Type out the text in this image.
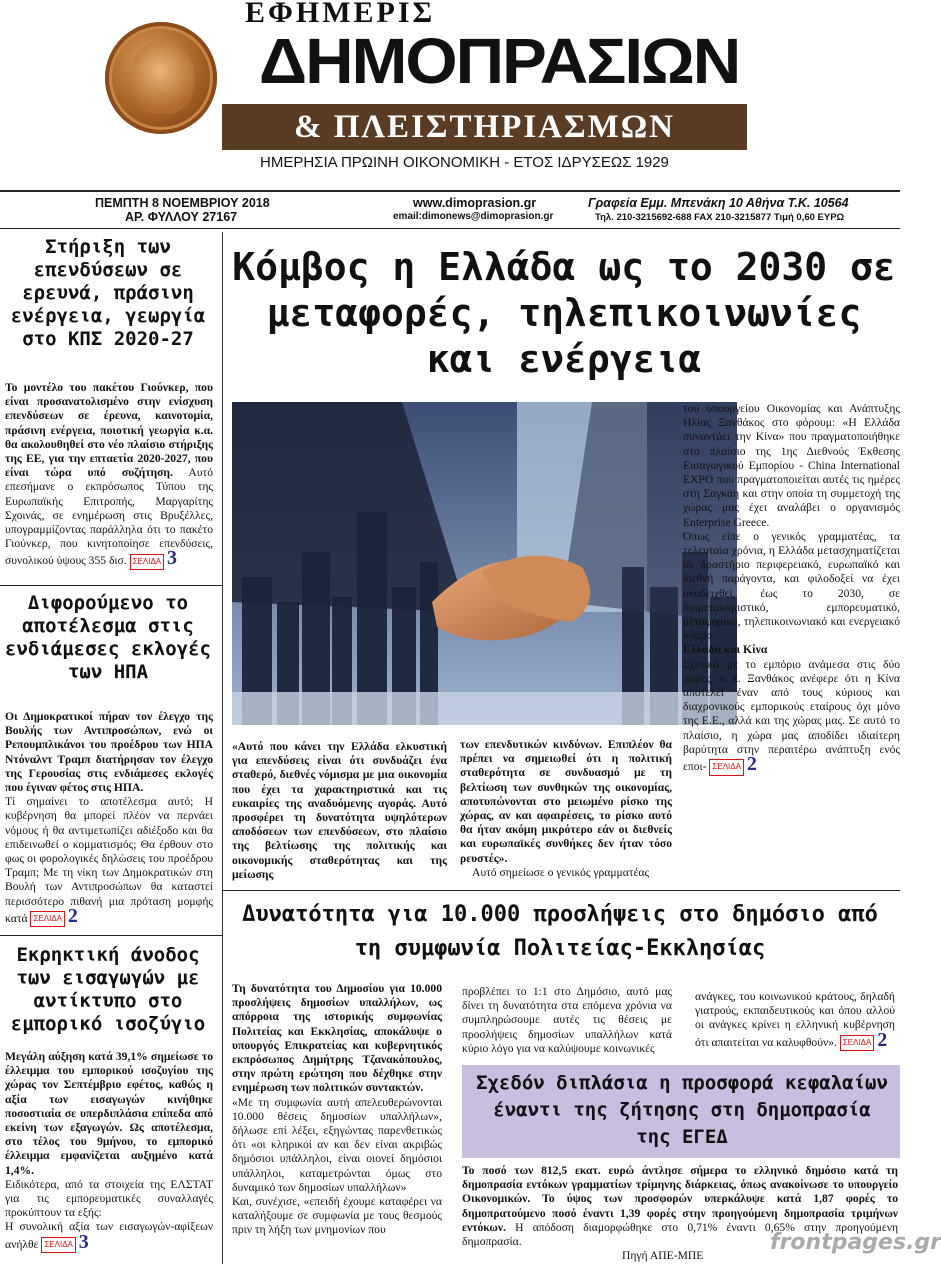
ΕΦΗΜΕΡΙΣ
ΔΗΜΟΠΡΑΣΙΩΝ
& ΠΛΕΙΣΤΗΡΙΑΣΜΩΝ
ΗΜΕΡΗΣΙΑ ΠΡΩΙΝΗ ΟΙΚΟΝΟΜΙΚΗ - ΕΤΟΣ ΙΔΡΥΣΕΩΣ 1929
ΠΕΜΠΤΗ 8 ΝΟΕΜΒΡΙΟΥ 2018
ΑΡ. ΦΥΛΛΟΥ 27167
www.dimoprasion.gr
email:dimonews@dimoprasion.gr
Γραφεία Εμμ. Μπενάκη 10 Αθήνα Τ.Κ. 10564
Τηλ. 210-3215692-688 FAX 210-3215877 Τιμή 0,60 ΕΥΡΩ
Στήριξη των επενδύσεων σε ερευνά, πράσινη ενέργεια, γεωργία στο ΚΠΣ 2020-27
Το μοντέλο του πακέτου Γιούνκερ, που είναι προσανατολισμένο στην ενίσχυση επενδύσεων σε έρευνα, καινοτομία, πράσινη ενέργεια, ποιοτική γεωργία κ.α. θα ακολουθηθεί στο νέο πλαίσιο στήριξης της ΕΕ, για την επταετία 2020-2027, που είναι τώρα υπό συζήτηση. Αυτό επεσήμανε ο εκπρόσωπος Τύπου της Ευρωπαϊκής Επιτροπής, Μαργαρίτης Σχοινάς, σε ενημέρωση στις Βρυξέλλες, υπογραμμίζοντας παράλληλα ότι το πακέτο Γιούνκερ, που κινητοποίησε επενδύσεις, συνολικού ύψους 355 δισ. ΣΕΛΙΔΑ 3
Διφορούμενο το αποτέλεσμα στις ενδιάμεσες εκλογές των ΗΠΑ
Οι Δημοκρατικοί πήραν τον έλεγχο της Βουλής των Αντιπροσώπων, ενώ οι Ρεπουμπλικάνοι του προέδρου των ΗΠΑ Ντόναλντ Τραμπ διατήρησαν τον έλεγχο της Γερουσίας στις ενδιάμεσες εκλογές που έγιναν φέτος στις ΗΠΑ.
Τί σημαίνει το αποτέλεσμα αυτό; Η κυβέρνηση θα μπορεί πλέον να περνάει νόμους ή θα αντιμετωπίζει αδιέξοδο και θα επιδεινωθεί ο κομματισμός; Θα έρθουν στο φως οι φορολογικές δηλώσεις του προέδρου Τραμπ; Με τη νίκη των Δημοκρατικών στη Βουλή των Αντιπροσώπων θα καταστεί περισσότερο πιθανή μια πρόταση μομφής κατά ΣΕΛΙΔΑ 2
Εκρηκτική άνοδος των εισαγωγών με αντίκτυπο στο εμπορικό ισοζύγιο
Μεγάλη αύξηση κατά 39,1% σημείωσε το έλλειμμα του εμπορικού ισοζυγίου της χώρας τον Σεπτέμβριο εφέτος, καθώς η αξία των εισαγωγών κινήθηκε ποσοστιαία σε υπερδιπλάσια επίπεδα από εκείνη των εξαγωγών. Ως αποτέλεσμα, στο τέλος του 9μήνου, το εμπορικό έλλειμμα εμφανίζεται αυξημένο κατά 1,4%.
Ειδικότερα, από τα στοιχεία της ΕΛΣΤΑΤ για τις εμπορευματικές συναλλαγές προκύπτουν τα εξής:
Η συνολική αξία των εισαγωγών-αφίξεων ανήλθε ΣΕΛΙΔΑ 3
Κόμβος η Ελλάδα ως το 2030 σε μεταφορές, τηλεπικοινωνίες και ενέργεια
«Αυτό που κάνει την Ελλάδα ελκυστική για επενδύσεις είναι ότι συνδυάζει ένα σταθερό, διεθνές νόμισμα με μια οικονομία που έχει τα χαρακτηριστικά και τις ευκαιρίες της αναδυόμενης αγοράς. Αυτό προσφέρει τη δυνατότητα υψηλότερων αποδόσεων των επενδύσεων, στο πλαίσιο της βελτίωσης της πολιτικής και οικονομικής σταθερότητας και της μείωσης
των επενδυτικών κινδύνων. Επιπλέον θα πρέπει να σημειωθεί ότι η πολιτική σταθερότητα σε συνδυασμό με τη βελτίωση των συνθηκών της οικονομίας, αποτυπώνονται στο μειωμένο ρίσκο της χώρας, αν και αφαιρέσεις, το ρίσκο αυτό θα ήταν ακόμη μικρότερο εάν οι διεθνείς και ευρωπαϊκές συνθήκες δεν ήταν τόσο ρευστές».
Αυτό σημείωσε ο γενικός γραμματέας
του υπουργείου Οικονομίας και Ανάπτυξης Ηλίας Ξανθάκος στο φόρουμ: «Η Ελλάδα συναντάει την Κίνα» που πραγματοποιήθηκε στο πλαίσιο της 1ης Διεθνούς Έκθεσης Εισαγωγικού Εμπορίου - China International EXPO που πραγματοποιείται αυτές τις ημέρες στη Σαγκάη και στην οποία τη συμμετοχή της χώρας μας έχει αναλάβει ο οργανισμός Enterprise Greece.
Όπως είπε ο γενικός γραμματέας, τα τελευταία χρόνια, η Ελλάδα μετασχηματίζεται σε δραστήριο περιφερειακό, ευρωπαϊκό και διεθνή παράγοντα, και φιλοδοξεί να έχει αναδειχθεί, έως το 2030, σε διαμετακομιστικό, εμπορευματικό, μεταφορικό, τηλεπικοινωνιακό και ενεργειακό κόμβο.
Ελλάδα και Κίνα
Σχετικά με το εμπόριο ανάμεσα στις δύο χώρες, ο κ. Ξανθάκος ανέφερε ότι η Κίνα αποτελεί έναν από τους κύριους και διαχρονικούς εμπορικούς εταίρους όχι μόνο της Ε.Ε., αλλά και της χώρας μας. Σε αυτό το πλαίσιο, η χώρα μας αποδίδει ιδιαίτερη βαρύτητα στην περαιτέρω ανάπτυξη ενός εποι- ΣΕΛΙΔΑ 2
Δυνατότητα για 10.000 προσλήψεις στο δημόσιο από τη συμφωνία Πολιτείας-Εκκλησίας
Τη δυνατότητα του Δημοσίου για 10.000 προσλήψεις δημοσίων υπαλλήλων, ως απόρροια της ιστορικής συμφωνίας Πολιτείας και Εκκλησίας, αποκάλυψε ο υπουργός Επικρατείας και κυβερνητικός εκπρόσωπος Δημήτρης Τζανακόπουλος, στην πρώτη ερώτηση που δέχθηκε στην ενημέρωση των πολιτικών συντακτών.
«Με τη συμφωνία αυτή απελευθερώνονται 10.000 θέσεις δημοσίων υπαλλήλων», δήλωσε επί λέξει, εξηγώντας παρενθετικώς ότι «οι κληρικοί αν και δεν είναι ακριβώς δημόσιοι υπάλληλοι, είναι οιονεί δημόσιοι υπάλληλοι, καταμετρώνται όμως στο δυναμικό των δημοσίων υπαλλήλων»
Και, συνέχισε, «επειδή έχουμε καταφέρει να καταλήξουμε σε συμφωνία με τους θεσμούς πριν τη λήξη των μνημονίων που
προβλέπει το 1:1 στο Δημόσιο, αυτό μας δίνει τη δυνατότητα στα επόμενα χρόνια να συμπληρώσουμε αυτές τις θέσεις με προσλήψεις δημοσίων υπαλλήλων κατά κύριο λόγο για να καλύψουμε κοινωνικές
ανάγκες, του κοινωνικού κράτους, δηλαδή γιατρούς, εκπαιδευτικούς και όπου αλλού οι ανάγκες κρίνει η ελληνική κυβέρνηση ότι απαιτείται να καλυφθούν». ΣΕΛΙΔΑ 2
Σχεδόν διπλάσια η προσφορά κεφαλαίων έναντι της ζήτησης στη δημοπρασία της ΕΓΕΔ
Το ποσό των 812,5 εκατ. ευρώ άντλησε σήμερα το ελληνικό δημόσιο κατά τη δημοπρασία εντόκων γραμματίων τρίμηνης διάρκειας, όπως ανακοίνωσε το υπουργείο Οικονομικών. Το ύψος των προσφορών υπερκάλυψε κατά 1,87 φορές το δημοπρατούμενο ποσό έναντι 1,39 φορές στην προηγούμενη δημοπρασία τριμήνων εντόκων. Η απόδοση διαμορφώθηκε στο 0,71% έναντι 0,65% στην προηγούμενη δημοπρασία.
Πηγή ΑΠΕ-ΜΠΕ
frontpages.gr
